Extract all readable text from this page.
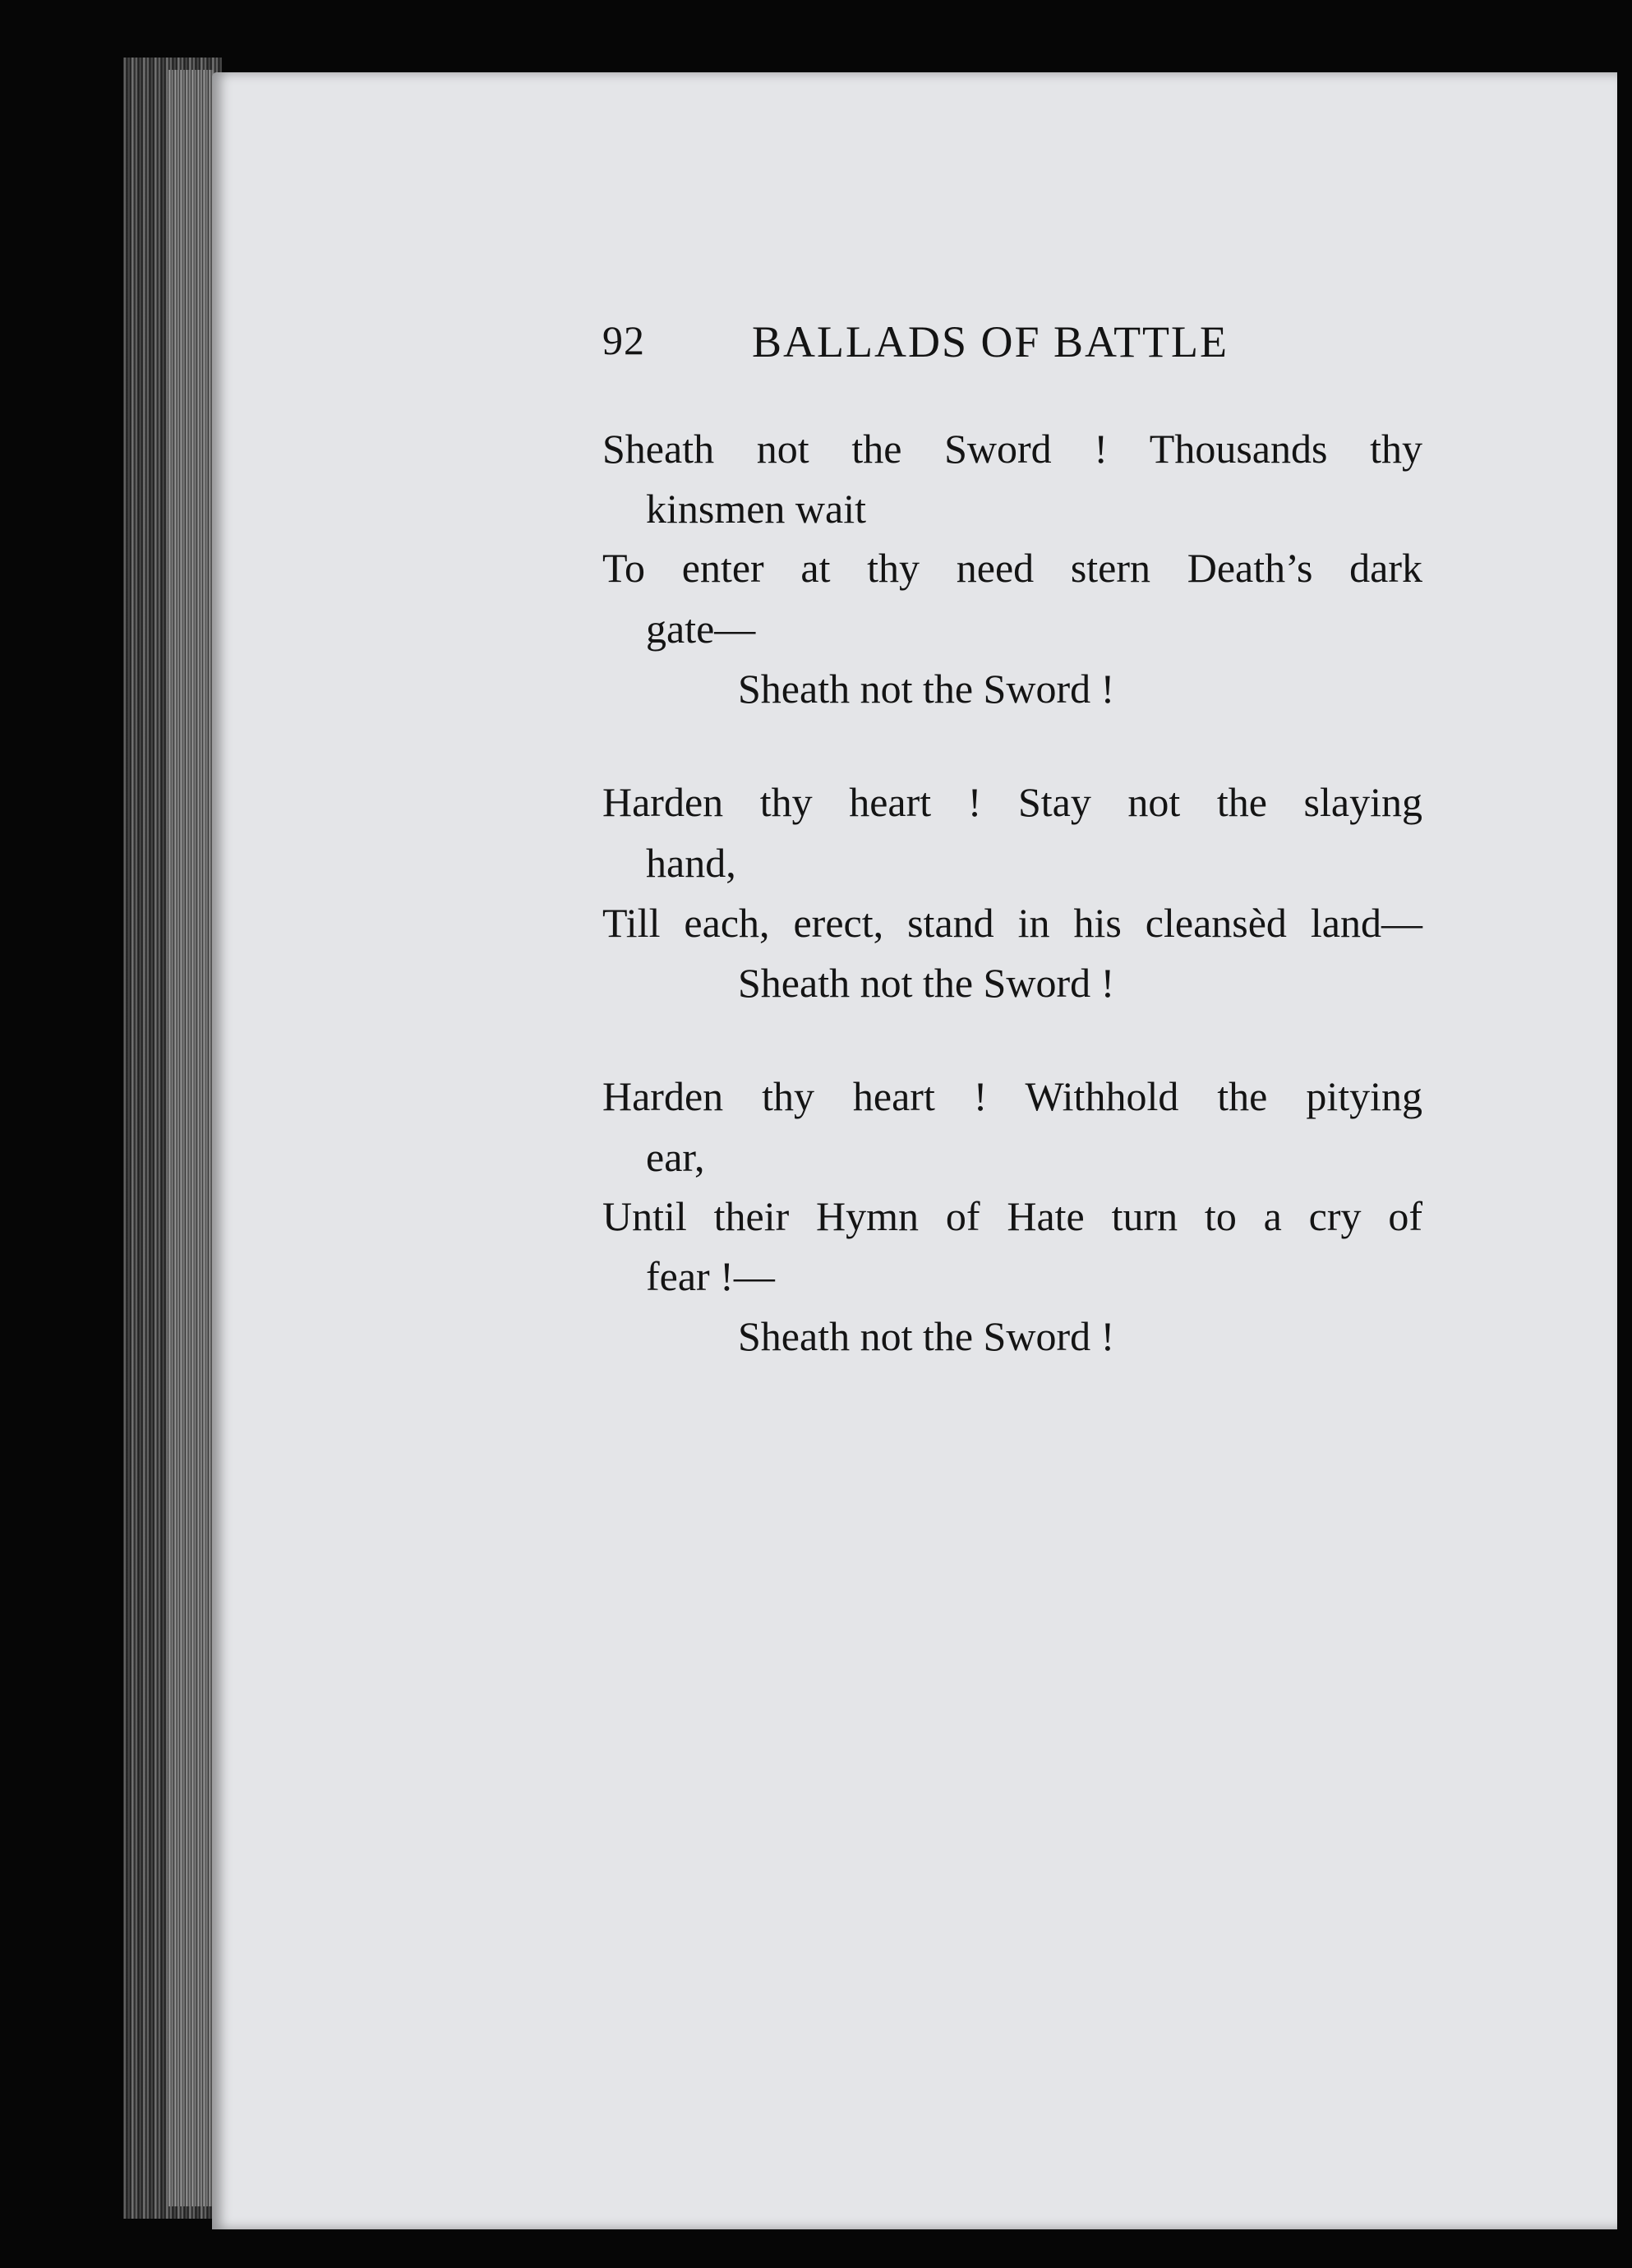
92 BALLADS OF BATTLE
Sheath not the Sword ! Thousands thy
kinsmen wait
To enter at thy need stern Death’s dark
gate—
Sheath not the Sword !
Harden thy heart ! Stay not the slaying
hand,
Till each, erect, stand in his cleansèd land—
Sheath not the Sword !
Harden thy heart ! Withhold the pitying
ear,
Until their Hymn of Hate turn to a cry of
fear !—
Sheath not the Sword !
